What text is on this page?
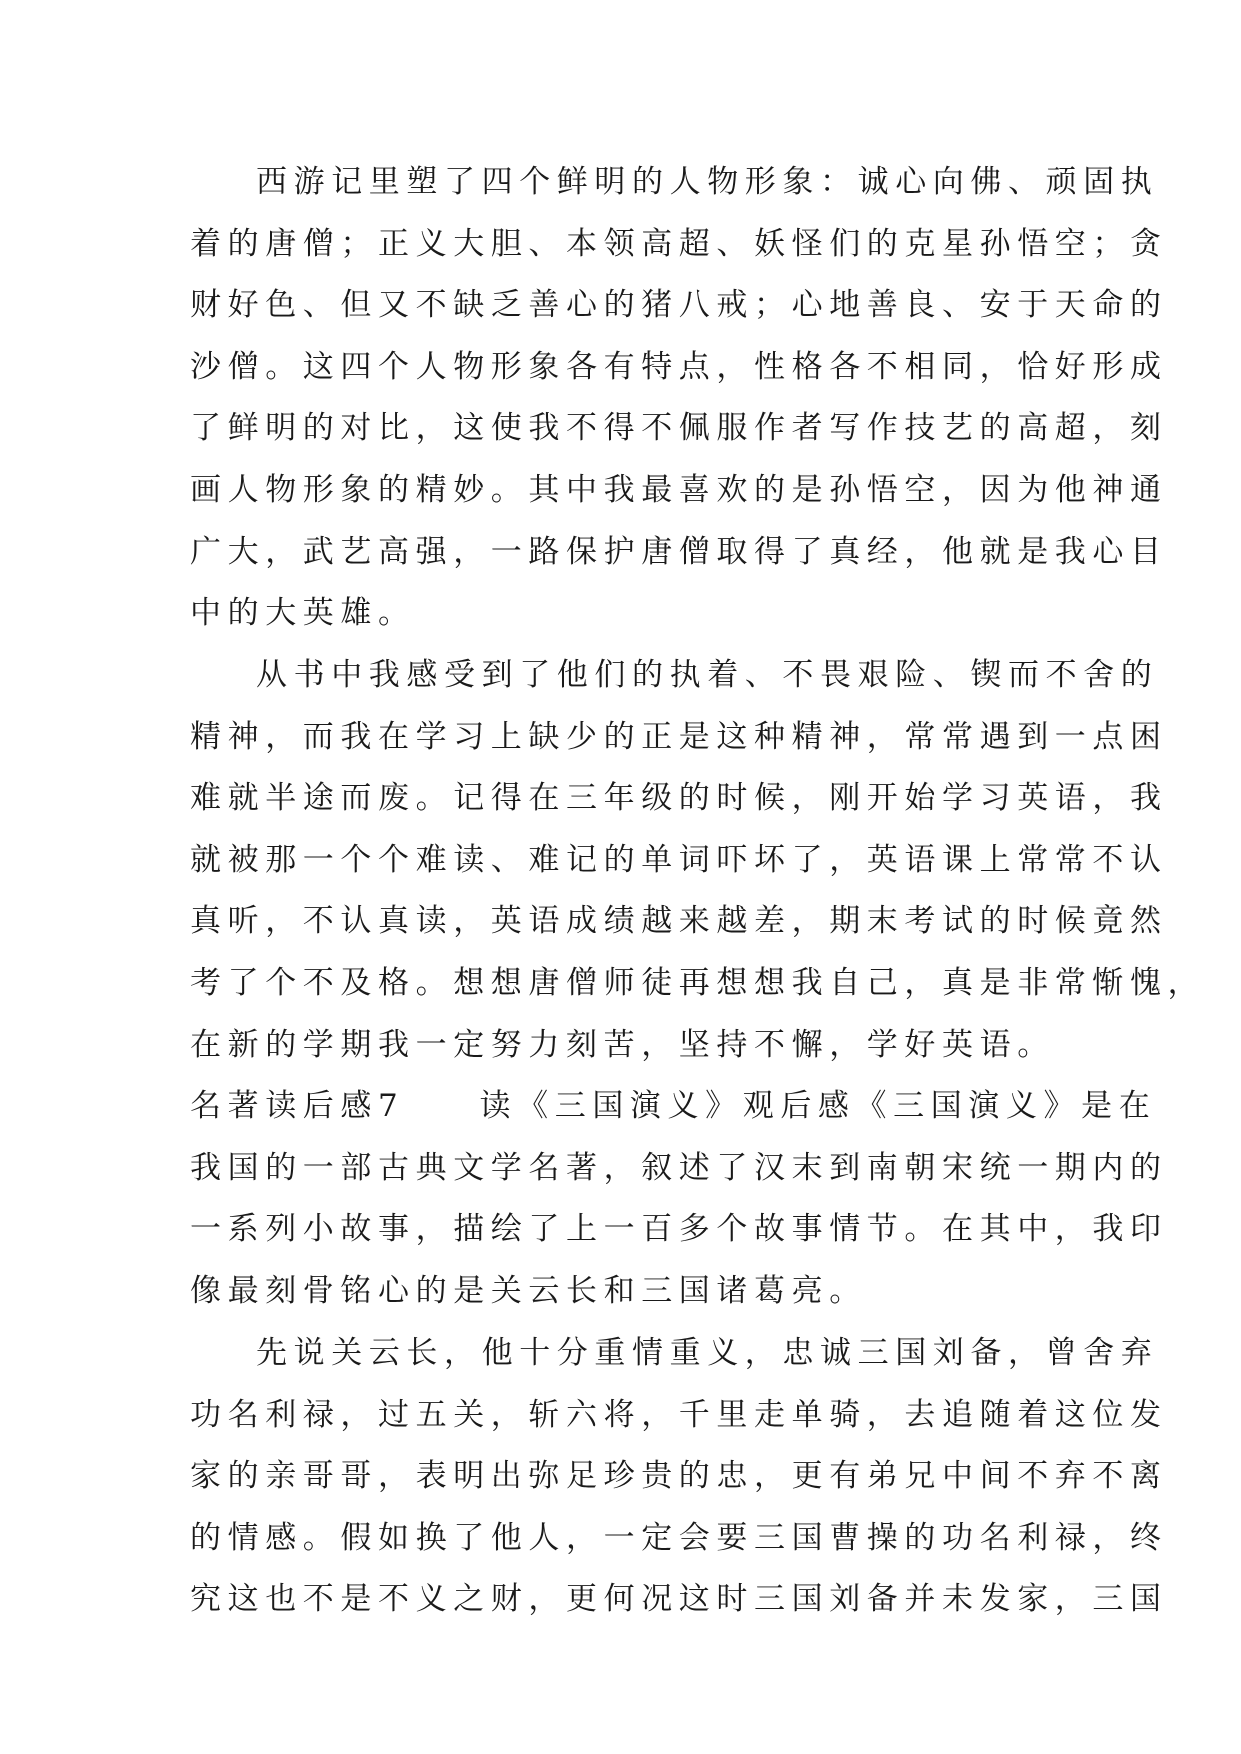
西游记里塑了四个鲜明的人物形象：诚心向佛、顽固执
着的唐僧；正义大胆、本领高超、妖怪们的克星孙悟空；贪
财好色、但又不缺乏善心的猪八戒；心地善良、安于天命的
沙僧。这四个人物形象各有特点，性格各不相同，恰好形成
了鲜明的对比，这使我不得不佩服作者写作技艺的高超，刻
画人物形象的精妙。其中我最喜欢的是孙悟空，因为他神通
广大，武艺高强，一路保护唐僧取得了真经，他就是我心目
中的大英雄。
从书中我感受到了他们的执着、不畏艰险、锲而不舍的
精神，而我在学习上缺少的正是这种精神，常常遇到一点困
难就半途而废。记得在三年级的时候，刚开始学习英语，我
就被那一个个难读、难记的单词吓坏了，英语课上常常不认
真听，不认真读，英语成绩越来越差，期末考试的时候竟然
考了个不及格。想想唐僧师徒再想想我自己，真是非常惭愧，
在新的学期我一定努力刻苦，坚持不懈，学好英语。
名著读后感7　　读《三国演义》观后感《三国演义》是在
我国的一部古典文学名著，叙述了汉末到南朝宋统一期内的
一系列小故事，描绘了上一百多个故事情节。在其中，我印
像最刻骨铭心的是关云长和三国诸葛亮。
先说关云长，他十分重情重义，忠诚三国刘备，曾舍弃
功名利禄，过五关，斩六将，千里走单骑，去追随着这位发
家的亲哥哥，表明出弥足珍贵的忠，更有弟兄中间不弃不离
的情感。假如换了他人，一定会要三国曹操的功名利禄，终
究这也不是不义之财，更何况这时三国刘备并未发家，三国
